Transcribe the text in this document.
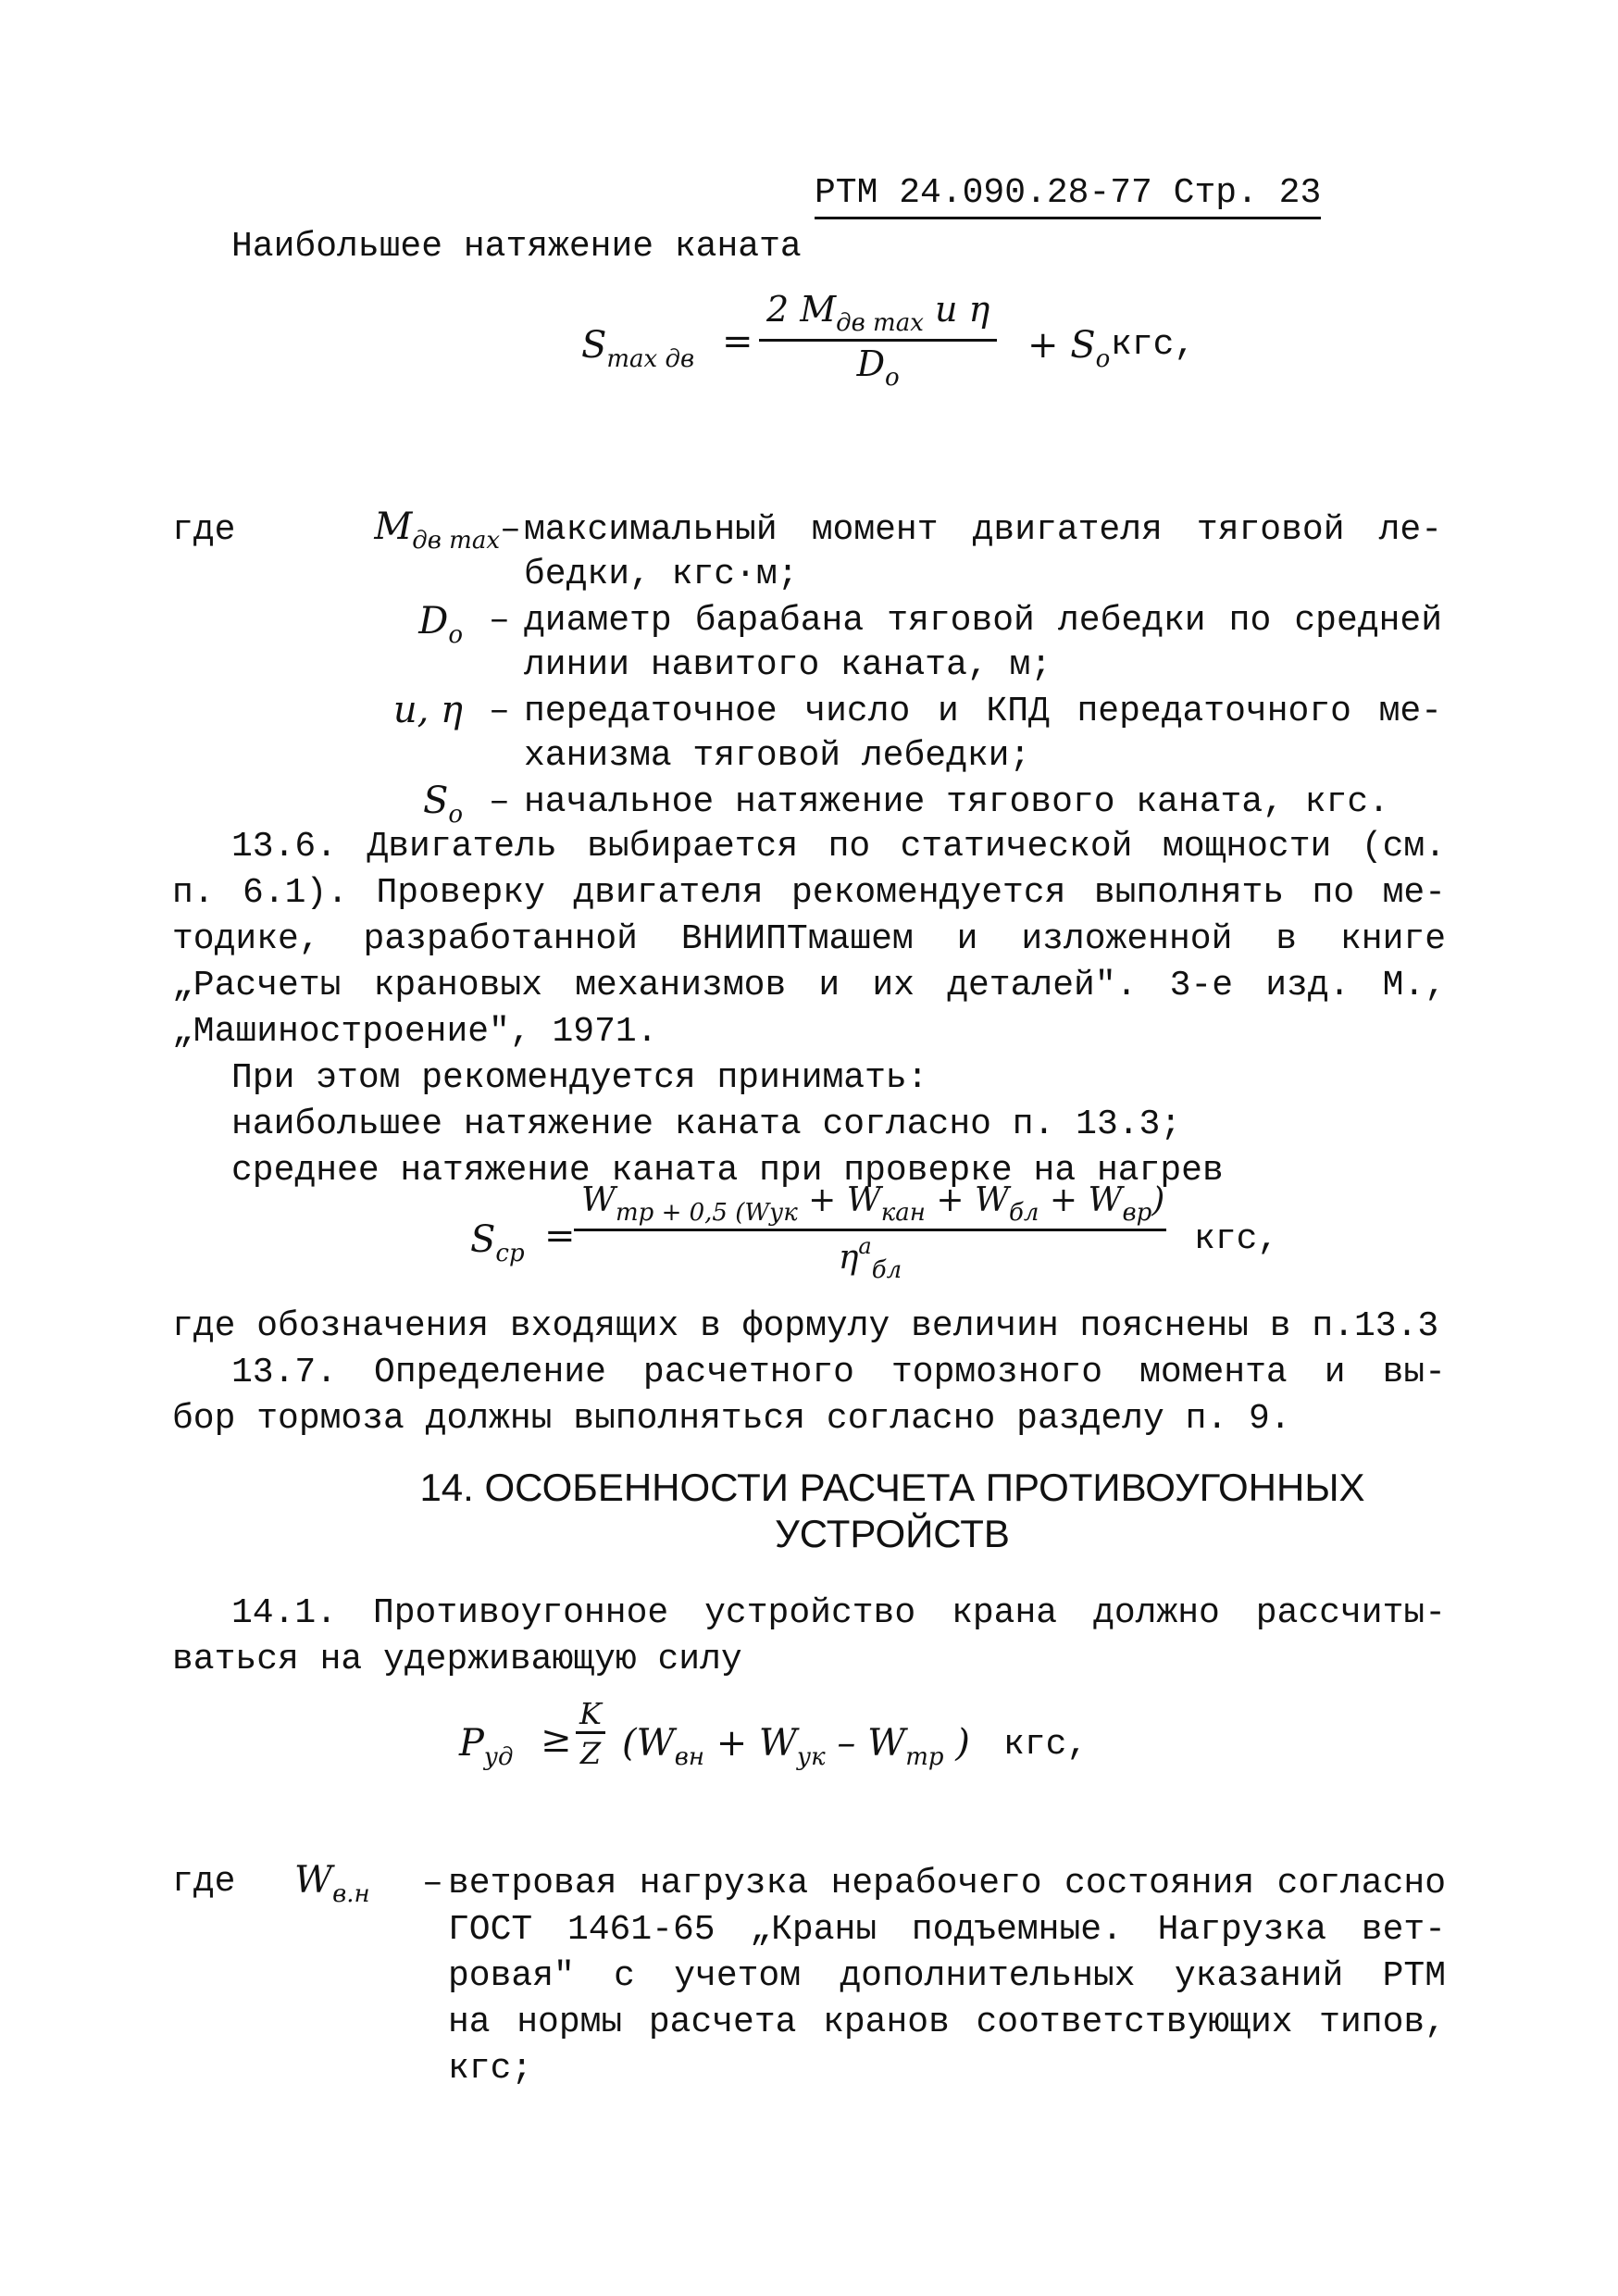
РТМ 24.090.28-77 Стр. 23
Наибольшее натяжение каната
$S_{max дв}$ =
2 $M_{дв max}$ u η
$D_o$
+ $S_o$ кгс,
где	$M_{дв max}$ – максимальный момент двигателя тяговой ле-
бедки, кгс·м;
$D_o$ – диаметр барабана тяговой лебедки по средней
линии навитого каната, м;
u, η – передаточное число и КПД передаточного ме-
ханизма тяговой лебедки;
$S_o$ – начальное натяжение тягового каната, кгс.
13.6. Двигатель выбирается по статической мощности (см.
п. 6.1). Проверку двигателя рекомендуется выполнять по ме-
тодике, разработанной ВНИИПТмашем и изложенной в книге
„Расчеты крановых механизмов и их деталей". 3-е изд. М.,
„Машиностроение", 1971.
При этом рекомендуется принимать:
наибольшее натяжение каната согласно п. 13.3;
среднее натяжение каната при проверке на нагрев
$S_{ср}$ =
$W_{тр + 0,5 (Wук} + W_{кан} + W_{бл} + W_{вр}$)
$\eta^a_{бл}$
кгс,
где обозначения входящих в формулу величин пояснены в п.13.3
13.7. Определение расчетного тормозного момента и вы-
бор тормоза должны выполняться согласно разделу п. 9.
14. ОСОБЕННОСТИ РАСЧЕТА ПРОТИВОУГОННЫХ
УСТРОЙСТВ
14.1. Противоугонное устройство крана должно рассчиты-
ваться на удерживающую силу
$P_{уд} \ge \frac{K}{Z} (W_{вн} + W_{ук} - W_{тр}$ ) кгс,
где $W_{в.н}$ – ветровая нагрузка нерабочего состояния согласно
ГОСТ 1461-65 „Краны подъемные. Нагрузка вет-
ровая" с учетом дополнительных указаний РТМ
на нормы расчета кранов соответствующих типов,
кгс;
